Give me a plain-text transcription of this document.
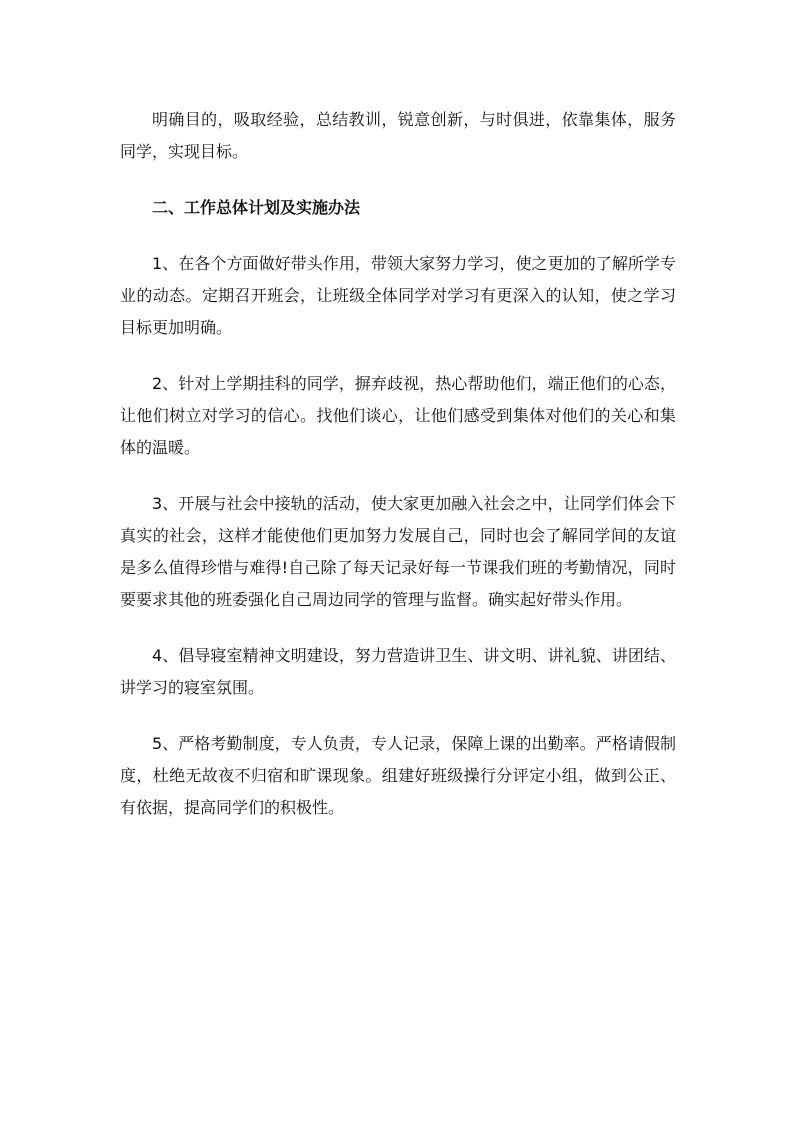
明确目的，吸取经验，总结教训，锐意创新，与时俱进，依靠集体，服务同学，实现目标。

二、工作总体计划及实施办法

1、在各个方面做好带头作用，带领大家努力学习，使之更加的了解所学专业的动态。定期召开班会，让班级全体同学对学习有更深入的认知，使之学习目标更加明确。

2、针对上学期挂科的同学，摒弃歧视，热心帮助他们，端正他们的心态，让他们树立对学习的信心。找他们谈心，让他们感受到集体对他们的关心和集体的温暖。

3、开展与社会中接轨的活动，使大家更加融入社会之中，让同学们体会下真实的社会，这样才能使他们更加努力发展自己，同时也会了解同学间的友谊是多么值得珍惜与难得!自己除了每天记录好每一节课我们班的考勤情况，同时要要求其他的班委强化自己周边同学的管理与监督。确实起好带头作用。

4、倡导寝室精神文明建设，努力营造讲卫生、讲文明、讲礼貌、讲团结、讲学习的寝室氛围。

5、严格考勤制度，专人负责，专人记录，保障上课的出勤率。严格请假制度，杜绝无故夜不归宿和旷课现象。组建好班级操行分评定小组，做到公正、有依据，提高同学们的积极性。
